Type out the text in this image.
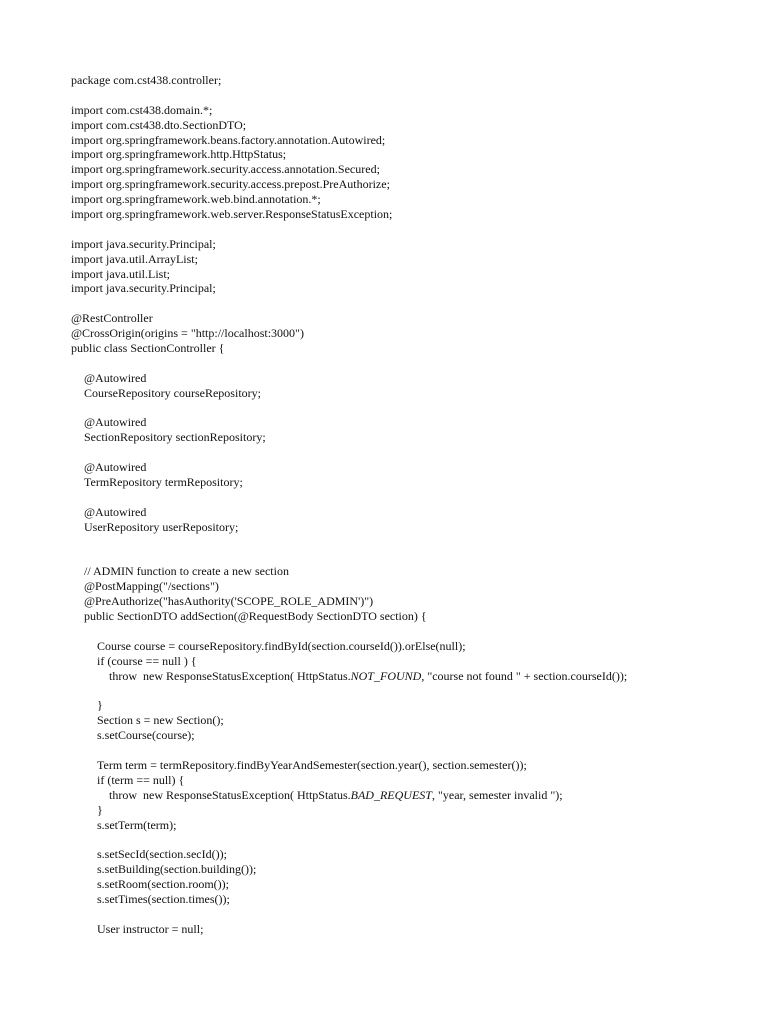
package com.cst438.controller;
import com.cst438.domain.*;
import com.cst438.dto.SectionDTO;
import org.springframework.beans.factory.annotation.Autowired;
import org.springframework.http.HttpStatus;
import org.springframework.security.access.annotation.Secured;
import org.springframework.security.access.prepost.PreAuthorize;
import org.springframework.web.bind.annotation.*;
import org.springframework.web.server.ResponseStatusException;
import java.security.Principal;
import java.util.ArrayList;
import java.util.List;
import java.security.Principal;
@RestController
@CrossOrigin(origins = "http://localhost:3000")
public class SectionController {
@Autowired
CourseRepository courseRepository;
@Autowired
SectionRepository sectionRepository;
@Autowired
TermRepository termRepository;
@Autowired
UserRepository userRepository;
// ADMIN function to create a new section
@PostMapping("/sections")
@PreAuthorize("hasAuthority('SCOPE_ROLE_ADMIN')")
public SectionDTO addSection(@RequestBody SectionDTO section) {
Course course = courseRepository.findById(section.courseId()).orElse(null);
if (course == null ) {
throw  new ResponseStatusException( HttpStatus.NOT_FOUND, "course not found " + section.courseId());
}
Section s = new Section();
s.setCourse(course);
Term term = termRepository.findByYearAndSemester(section.year(), section.semester());
if (term == null) {
throw  new ResponseStatusException( HttpStatus.BAD_REQUEST, "year, semester invalid ");
}
s.setTerm(term);
s.setSecId(section.secId());
s.setBuilding(section.building());
s.setRoom(section.room());
s.setTimes(section.times());
User instructor = null;
